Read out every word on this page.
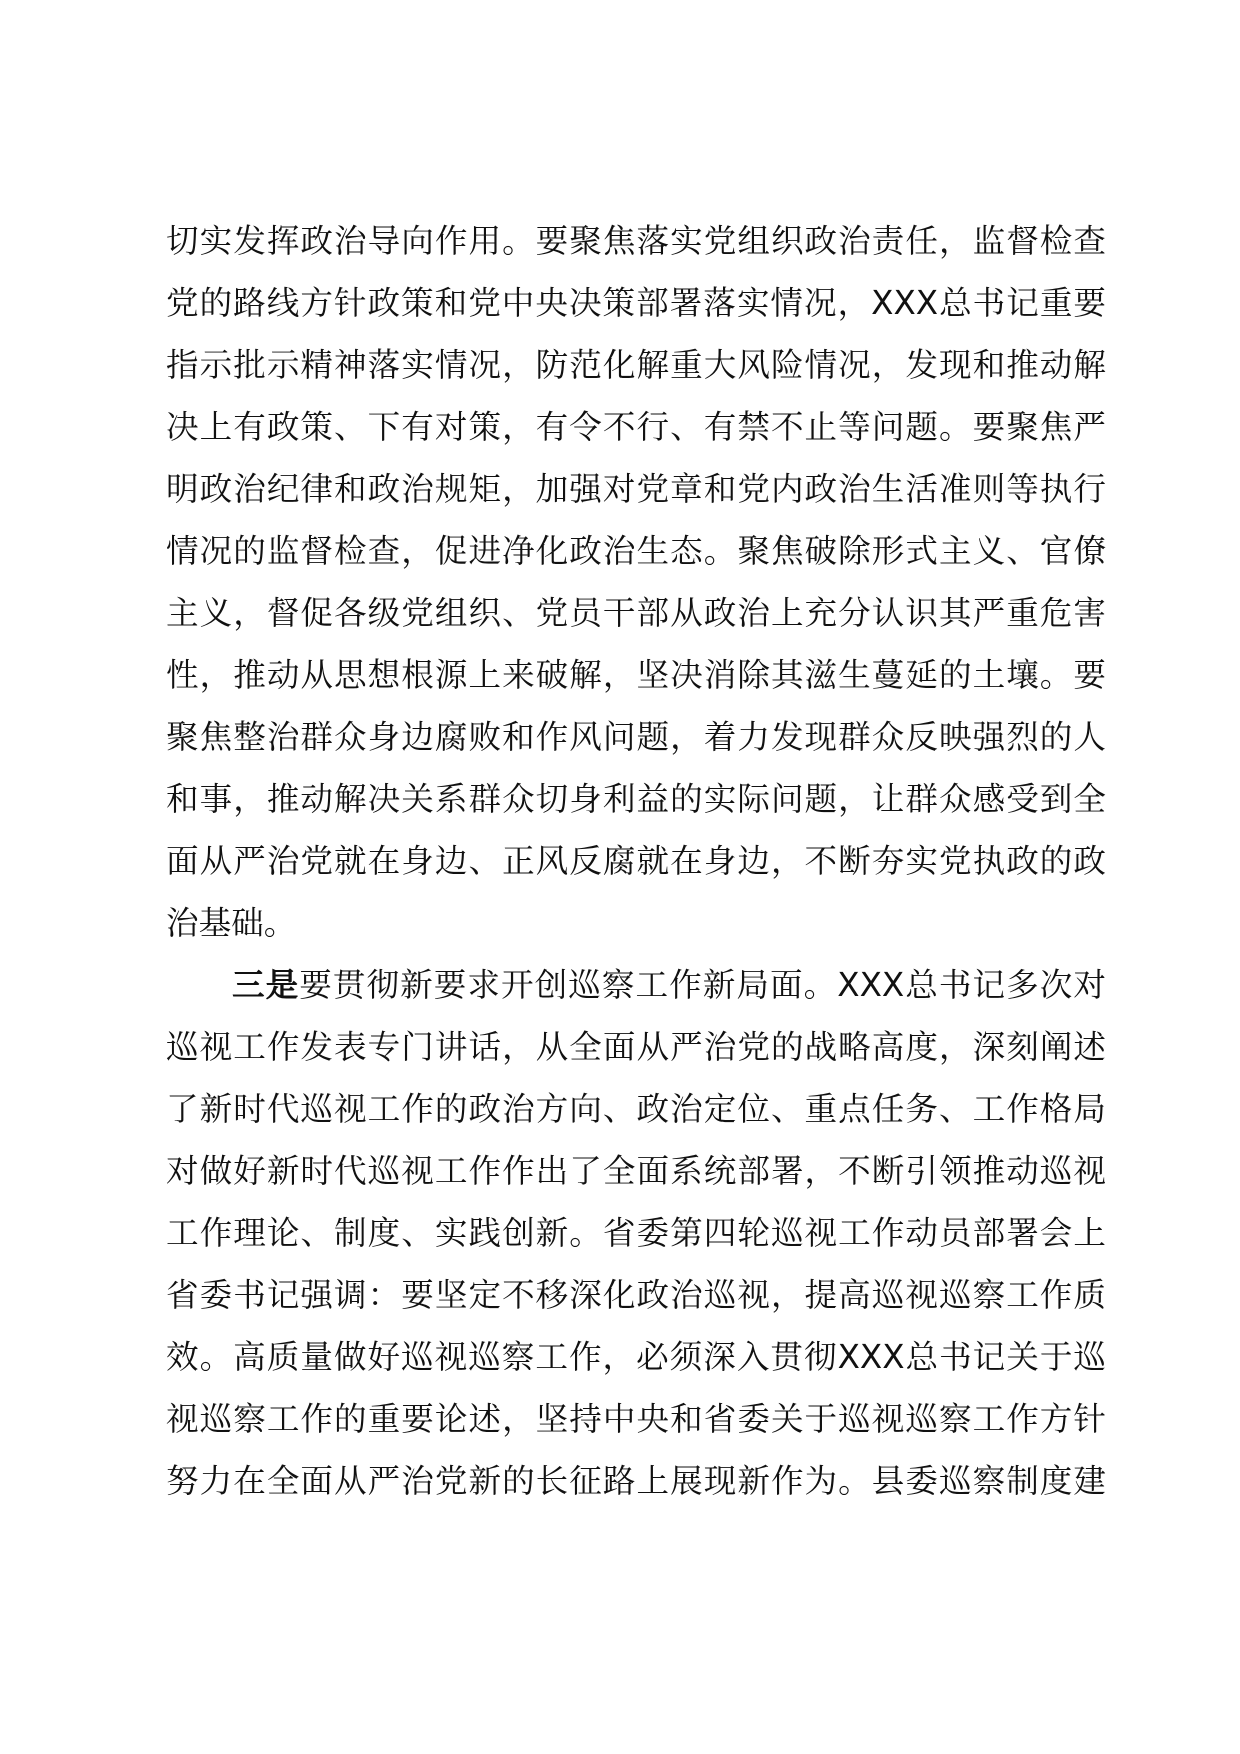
切实发挥政治导向作用。要聚焦落实党组织政治责任，监督检查
党的路线方针政策和党中央决策部署落实情况，XXX总书记重要
指示批示精神落实情况，防范化解重大风险情况，发现和推动解
决上有政策、下有对策，有令不行、有禁不止等问题。要聚焦严
明政治纪律和政治规矩，加强对党章和党内政治生活准则等执行
情况的监督检查，促进净化政治生态。聚焦破除形式主义、官僚
主义，督促各级党组织、党员干部从政治上充分认识其严重危害
性，推动从思想根源上来破解，坚决消除其滋生蔓延的土壤。要
聚焦整治群众身边腐败和作风问题，着力发现群众反映强烈的人
和事，推动解决关系群众切身利益的实际问题，让群众感受到全
面从严治党就在身边、正风反腐就在身边，不断夯实党执政的政
治基础。
三是要贯彻新要求开创巡察工作新局面。XXX总书记多次对
巡视工作发表专门讲话，从全面从严治党的战略高度，深刻阐述
了新时代巡视工作的政治方向、政治定位、重点任务、工作格局
对做好新时代巡视工作作出了全面系统部署，不断引领推动巡视
工作理论、制度、实践创新。省委第四轮巡视工作动员部署会上
省委书记强调：要坚定不移深化政治巡视，提高巡视巡察工作质
效。高质量做好巡视巡察工作，必须深入贯彻XXX总书记关于巡
视巡察工作的重要论述，坚持中央和省委关于巡视巡察工作方针
努力在全面从严治党新的长征路上展现新作为。县委巡察制度建
